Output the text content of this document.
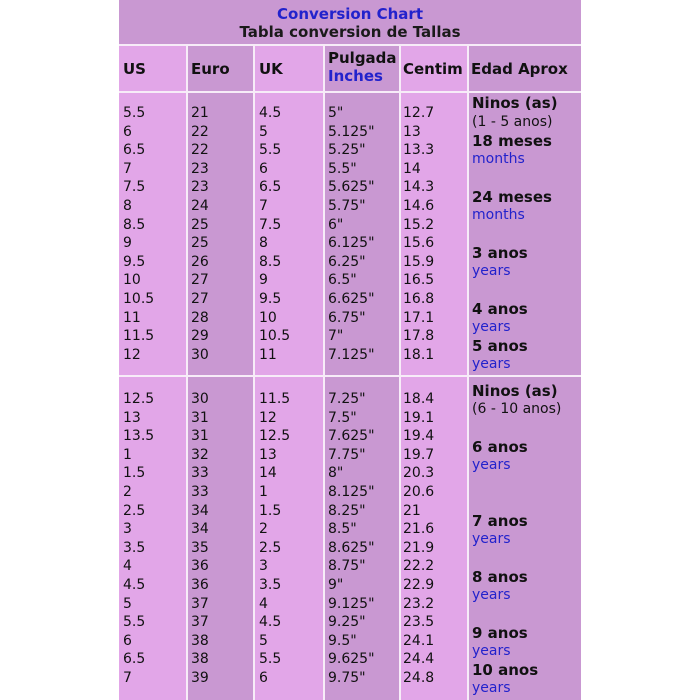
Conversion Chart
Tabla conversion de Tallas
US	Euro UK
Pulgada
Inches	Centim Edad Aprox
Ninos (as)
(1 - 5 anos)
18 meses
months
24 meses
months
3 anos
years
4 anos
years
5 anos
years
Ninos (as)
(6 - 10 anos)
6 anos
years
7 anos
years
8 anos
years
9 anos
years
10 anos
years
5.5
6
6.5
7
7.5
8
8.5
9
9.5
10
10.5
11
11.5
12
21
22
22
23
23
24
25
25
26
27
27
28
29
30
4.5
5
5.5
6
6.5
7
7.5
8
8.5
9
9.5
10
10.5
11
5"
5.125"
5.25"
5.5"
5.625"
5.75"
6"
6.125"
6.25"
6.5"
6.625"
6.75"
7"
7.125"
12.7
13
13.3
14
14.3
14.6
15.2
15.6
15.9
16.5
16.8
17.1
17.8
18.1
12.5
13
13.5
1
1.5
2
2.5
3
3.5
4
4.5
5
5.5
6
6.5
7
30
31
31
32
33
33
34
34
35
36
36
37
37
38
38
39
11.5
12
12.5
13
14
1
1.5
2
2.5
3
3.5
4
4.5
5
5.5
6
7.25"
7.5"
7.625"
7.75"
8"
8.125"
8.25"
8.5"
8.625"
8.75"
9"
9.125"
9.25"
9.5"
9.625"
9.75"
18.4
19.1
19.4
19.7
20.3
20.6
21
21.6
21.9
22.2
22.9
23.2
23.5
24.1
24.4
24.8
